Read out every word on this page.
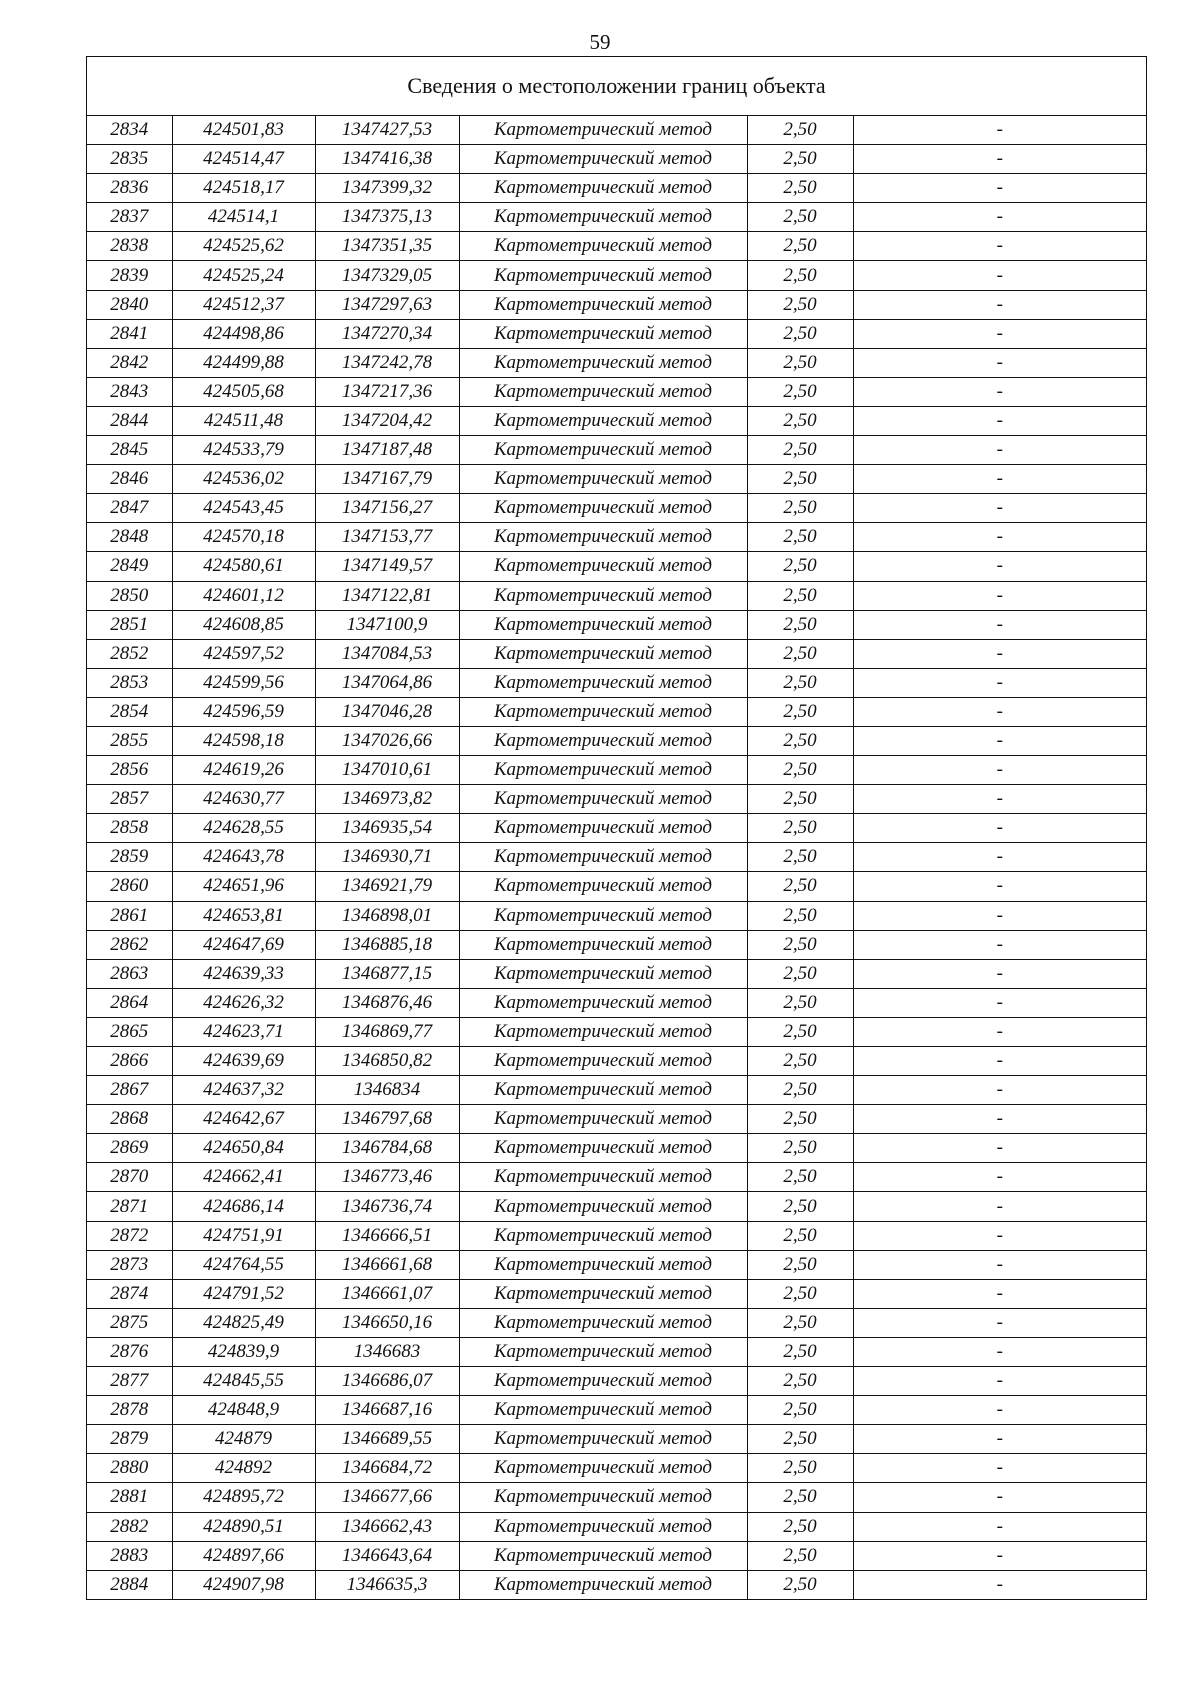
59
Сведения о местоположении границ объекта
2834	424501,83	1347427,53	Картометрический метод	2,50	-
2835	424514,47	1347416,38	Картометрический метод	2,50	-
2836	424518,17	1347399,32	Картометрический метод	2,50	-
2837	424514,1	1347375,13	Картометрический метод	2,50	-
2838	424525,62	1347351,35	Картометрический метод	2,50	-
2839	424525,24	1347329,05	Картометрический метод	2,50	-
2840	424512,37	1347297,63	Картометрический метод	2,50	-
2841	424498,86	1347270,34	Картометрический метод	2,50	-
2842	424499,88	1347242,78	Картометрический метод	2,50	-
2843	424505,68	1347217,36	Картометрический метод	2,50	-
2844	424511,48	1347204,42	Картометрический метод	2,50	-
2845	424533,79	1347187,48	Картометрический метод	2,50	-
2846	424536,02	1347167,79	Картометрический метод	2,50	-
2847	424543,45	1347156,27	Картометрический метод	2,50	-
2848	424570,18	1347153,77	Картометрический метод	2,50	-
2849	424580,61	1347149,57	Картометрический метод	2,50	-
2850	424601,12	1347122,81	Картометрический метод	2,50	-
2851	424608,85	1347100,9	Картометрический метод	2,50	-
2852	424597,52	1347084,53	Картометрический метод	2,50	-
2853	424599,56	1347064,86	Картометрический метод	2,50	-
2854	424596,59	1347046,28	Картометрический метод	2,50	-
2855	424598,18	1347026,66	Картометрический метод	2,50	-
2856	424619,26	1347010,61	Картометрический метод	2,50	-
2857	424630,77	1346973,82	Картометрический метод	2,50	-
2858	424628,55	1346935,54	Картометрический метод	2,50	-
2859	424643,78	1346930,71	Картометрический метод	2,50	-
2860	424651,96	1346921,79	Картометрический метод	2,50	-
2861	424653,81	1346898,01	Картометрический метод	2,50	-
2862	424647,69	1346885,18	Картометрический метод	2,50	-
2863	424639,33	1346877,15	Картометрический метод	2,50	-
2864	424626,32	1346876,46	Картометрический метод	2,50	-
2865	424623,71	1346869,77	Картометрический метод	2,50	-
2866	424639,69	1346850,82	Картометрический метод	2,50	-
2867	424637,32	1346834	Картометрический метод	2,50	-
2868	424642,67	1346797,68	Картометрический метод	2,50	-
2869	424650,84	1346784,68	Картометрический метод	2,50	-
2870	424662,41	1346773,46	Картометрический метод	2,50	-
2871	424686,14	1346736,74	Картометрический метод	2,50	-
2872	424751,91	1346666,51	Картометрический метод	2,50	-
2873	424764,55	1346661,68	Картометрический метод	2,50	-
2874	424791,52	1346661,07	Картометрический метод	2,50	-
2875	424825,49	1346650,16	Картометрический метод	2,50	-
2876	424839,9	1346683	Картометрический метод	2,50	-
2877	424845,55	1346686,07	Картометрический метод	2,50	-
2878	424848,9	1346687,16	Картометрический метод	2,50	-
2879	424879	1346689,55	Картометрический метод	2,50	-
2880	424892	1346684,72	Картометрический метод	2,50	-
2881	424895,72	1346677,66	Картометрический метод	2,50	-
2882	424890,51	1346662,43	Картометрический метод	2,50	-
2883	424897,66	1346643,64	Картометрический метод	2,50	-
2884	424907,98	1346635,3	Картометрический метод	2,50	-
